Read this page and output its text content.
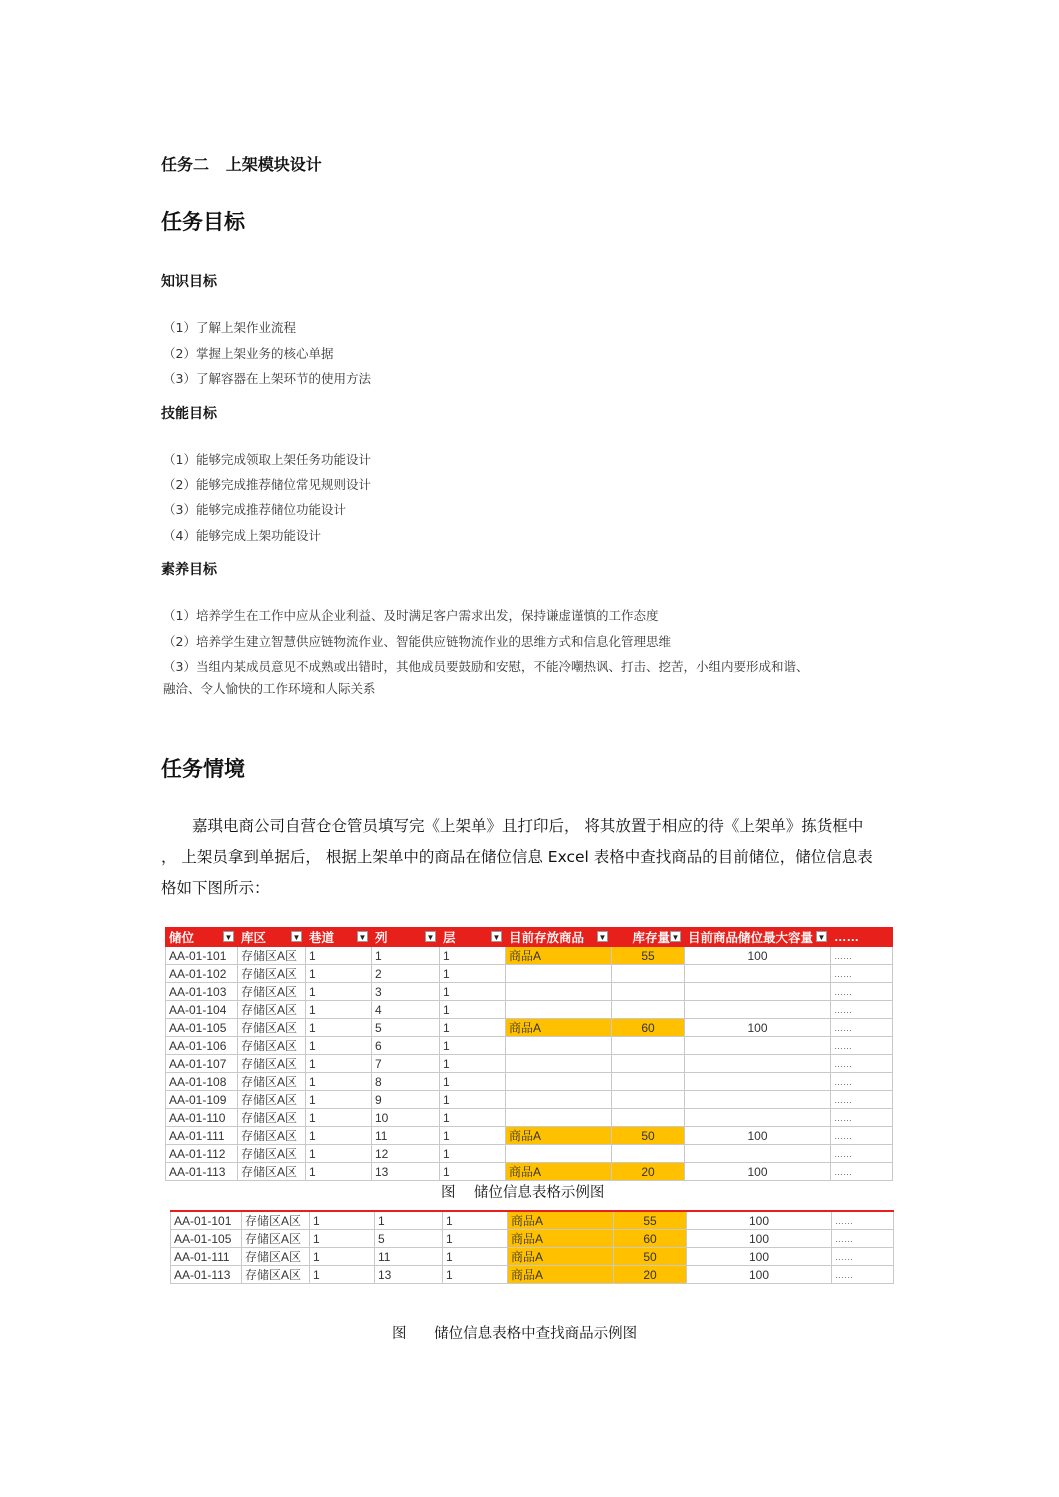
任务二   上架模块设计
任务目标
知识目标
（1）了解上架作业流程
（2）掌握上架业务的核心单据
（3）了解容器在上架环节的使用方法
技能目标
（1）能够完成领取上架任务功能设计
（2）能够完成推荐储位常见规则设计
（3）能够完成推荐储位功能设计
（4）能够完成上架功能设计
素养目标
（1）培养学生在工作中应从企业利益、及时满足客户需求出发，保持谦虚谨慎的工作态度
（2）培养学生建立智慧供应链物流作业、智能供应链物流作业的思维方式和信息化管理思维
（3）当组内某成员意见不成熟或出错时，其他成员要鼓励和安慰，不能冷嘲热讽、打击、挖苦，小组内要形成和谐、
融洽、令人愉快的工作环境和人际关系
任务情境

嘉琪电商公司自营仓仓管员填写完《上架单》且打印后， 将其放置于相应的待《上架单》拣货框中

， 上架员拿到单据后， 根据上架单中的商品在储位信息 Excel 表格中查找商品的目前储位，储位信息表

格如下图所示：

储位 ▼	库区 ▼	巷道 ▼	列 ▼	层 ▼	目前存放商品 ▼	库存量 ▼	目前商品储位最大容量 ▼	……
AA-01-101	存储区A区	1	1	1	商品A	55	100	……
AA-01-102	存储区A区	1	2	1				……
AA-01-103	存储区A区	1	3	1				……
AA-01-104	存储区A区	1	4	1				……
AA-01-105	存储区A区	1	5	1	商品A	60	100	……
AA-01-106	存储区A区	1	6	1				……
AA-01-107	存储区A区	1	7	1				……
AA-01-108	存储区A区	1	8	1				……
AA-01-109	存储区A区	1	9	1				……
AA-01-110	存储区A区	1	10	1				……
AA-01-111	存储区A区	1	11	1	商品A	50	100	……
AA-01-112	存储区A区	1	12	1				……
AA-01-113	存储区A区	1	13	1	商品A	20	100	……
图    储位信息表格示例图
AA-01-101	存储区A区	1	1	1	商品A	55	100	……
AA-01-105	存储区A区	1	5	1	商品A	60	100	……
AA-01-111	存储区A区	1	11	1	商品A	50	100	……
AA-01-113	存储区A区	1	13	1	商品A	20	100	……
图      储位信息表格中查找商品示例图
